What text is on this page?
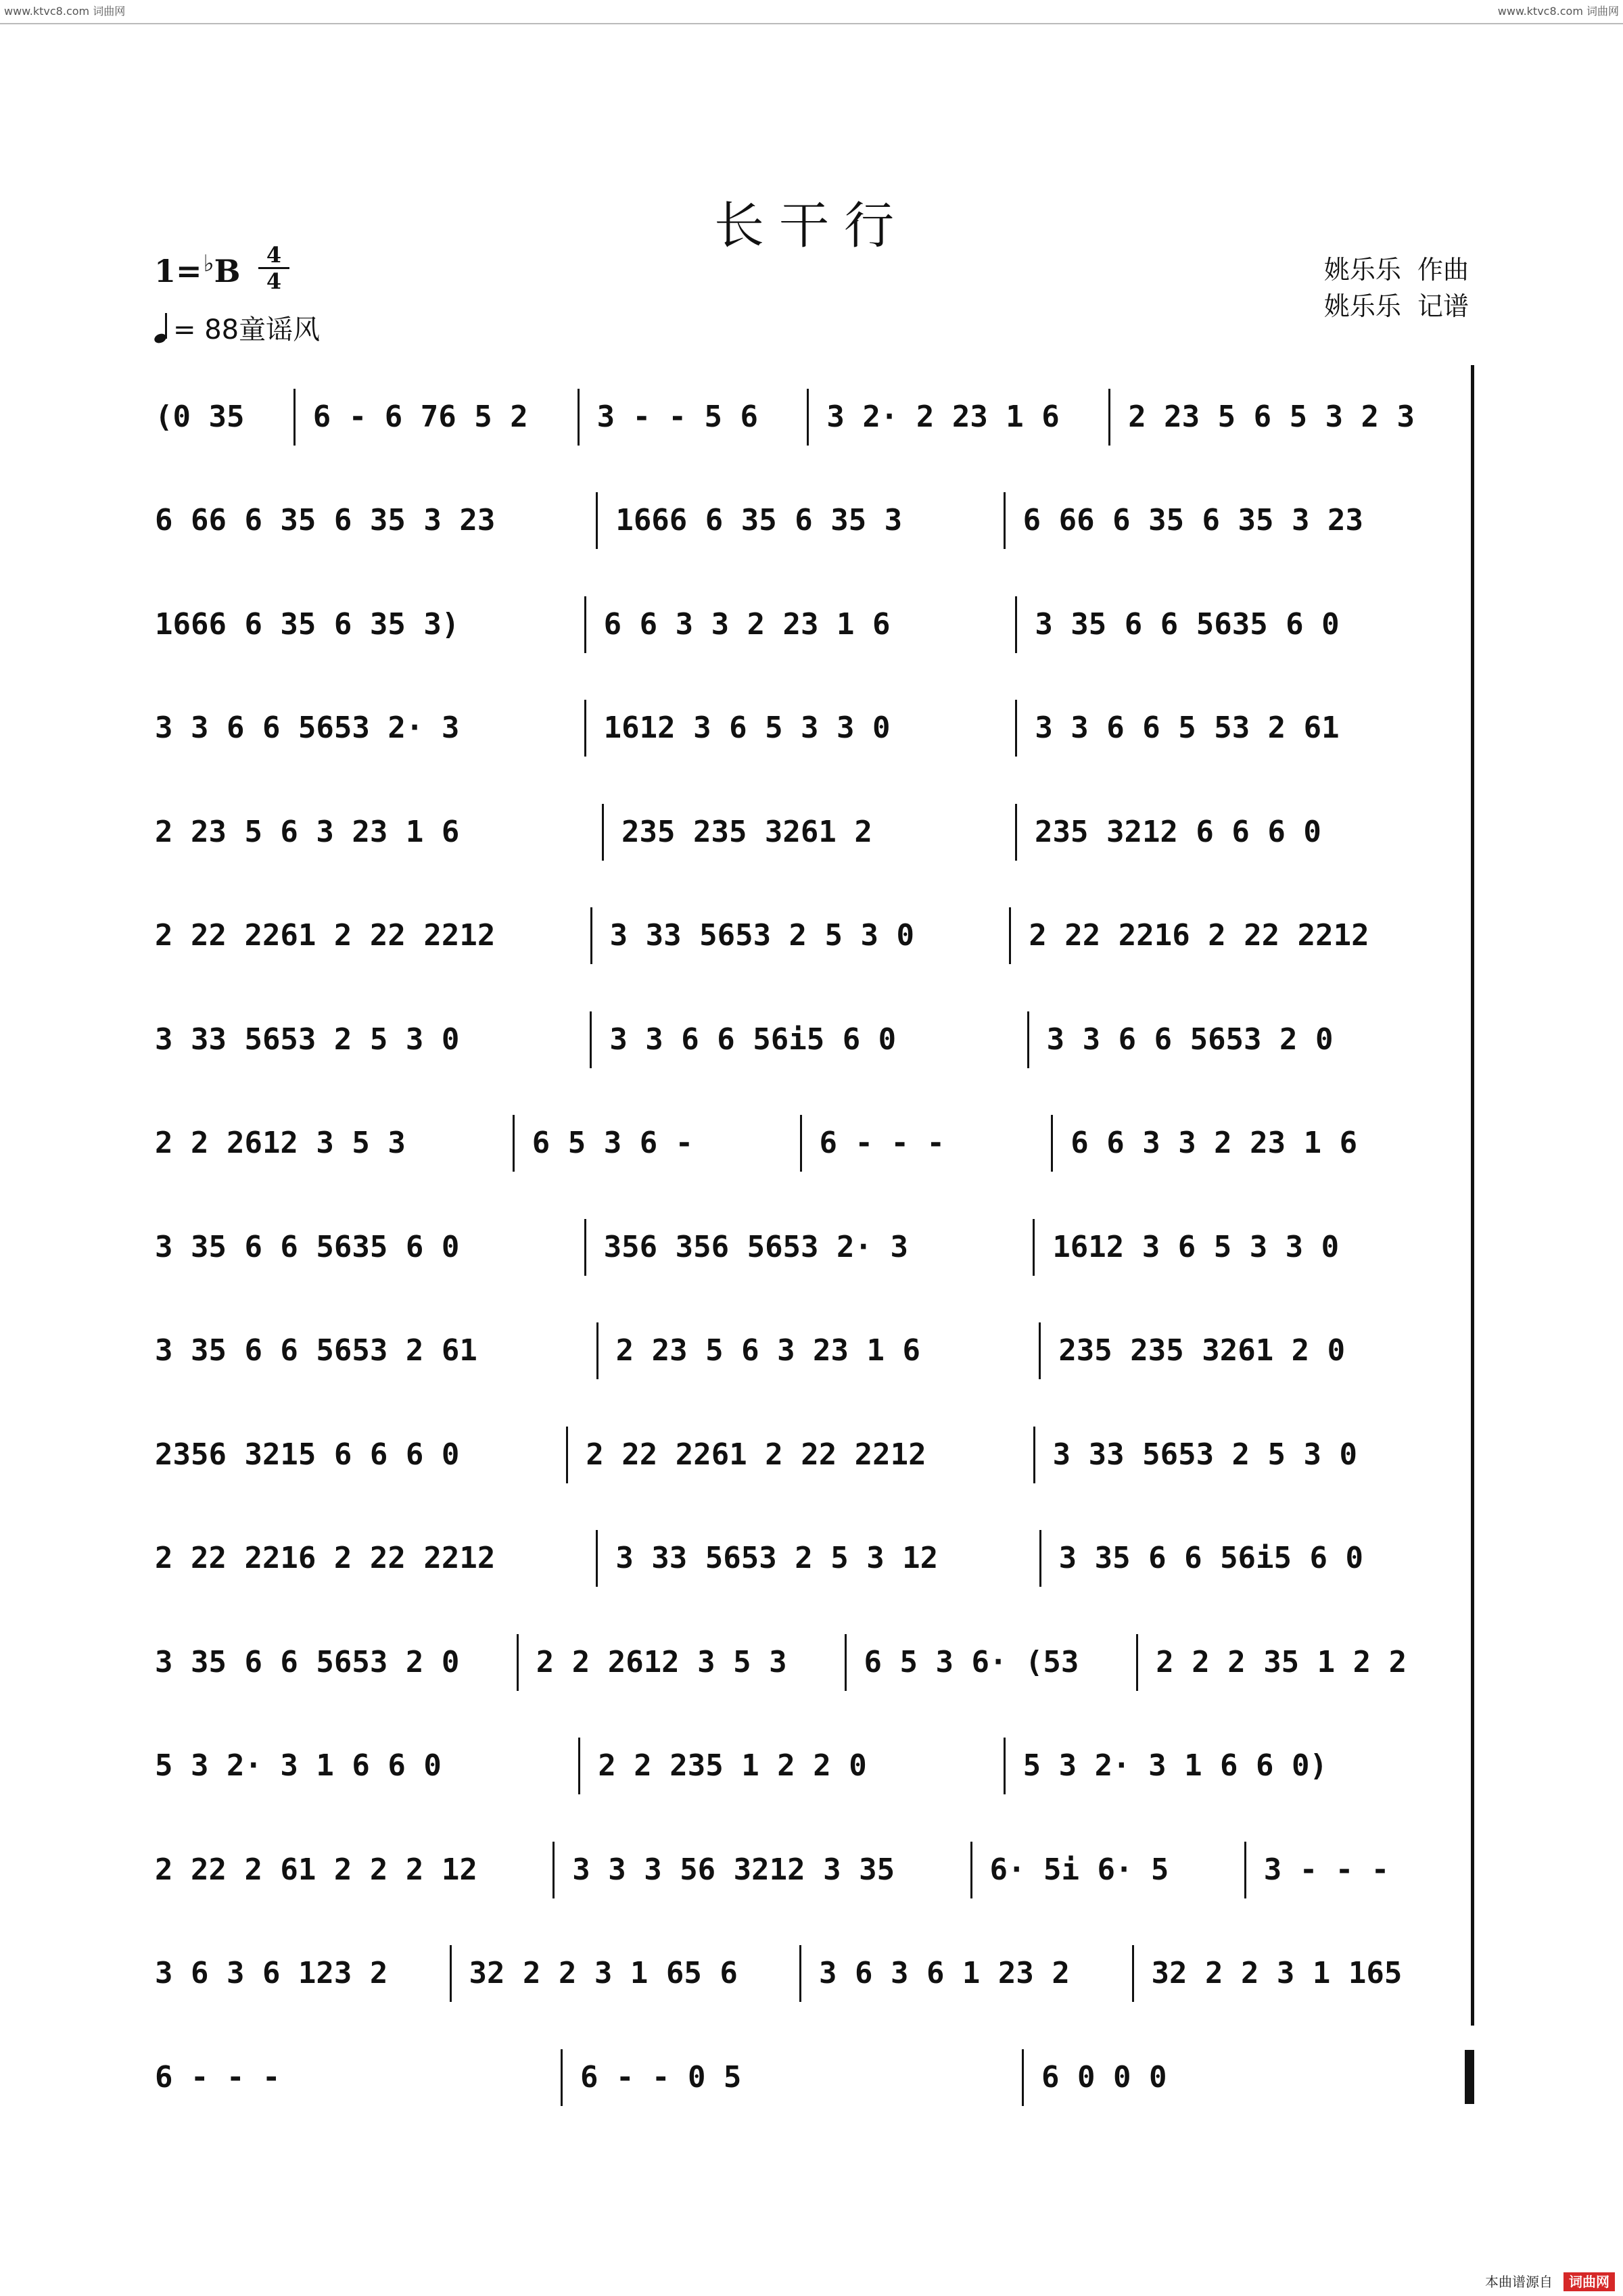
www.ktvc8.com 词曲网	www.ktvc8.com 词曲网
长干行
1=♭B	4
4
= 88童谣风
姚乐乐  作曲
姚乐乐  记谱
(0 35	6 - 6 76 5 2	3 - - 5 6	3 2· 2 23 1 6	2 23 5 6 5 3 2 3
6 66 6 35 6 35 3 23	1666 6 35 6 35 3	6 66 6 35 6 35 3 23
1666 6 35 6 35 3)	6 6 3 3 2 23 1 6	3 35 6 6 5635 6 0
3 3 6 6 5653 2· 3	1612 3 6 5 3 3 0	3 3 6 6 5 53 2 61
2 23 5 6 3 23 1 6	235 235 3261 2	235 3212 6 6 6 0
2 22 2261 2 22 2212	3 33 5653 2 5 3 0	2 22 2216 2 22 2212
3 33 5653 2 5 3 0	3 3 6 6 56i5 6 0	3 3 6 6 5653 2 0
2 2 2612 3 5 3	6 5 3 6 -	6 - - -	6 6 3 3 2 23 1 6
3 35 6 6 5635 6 0	356 356 5653 2· 3	1612 3 6 5 3 3 0
3 35 6 6 5653 2 61	2 23 5 6 3 23 1 6	235 235 3261 2 0
2356 3215 6 6 6 0	2 22 2261 2 22 2212	3 33 5653 2 5 3 0
2 22 2216 2 22 2212	3 33 5653 2 5 3 12	3 35 6 6 56i5 6 0
3 35 6 6 5653 2 0	2 2 2612 3 5 3	6 5 3 6· (53	2 2 2 35 1 2 2
5 3 2· 3 1 6 6 0	2 2 235 1 2 2 0	5 3 2· 3 1 6 6 0)
2 22 2 61 2 2 2 12	3 3 3 56 3212 3 35	6· 5i 6· 5	3 - - -
3 6 3 6 123 2	32 2 2 3 1 65 6	3 6 3 6 1 23 2	32 2 2 3 1 165
6 - - -	6 - - 0 5	6 0 0 0
本曲谱源自 词曲网
